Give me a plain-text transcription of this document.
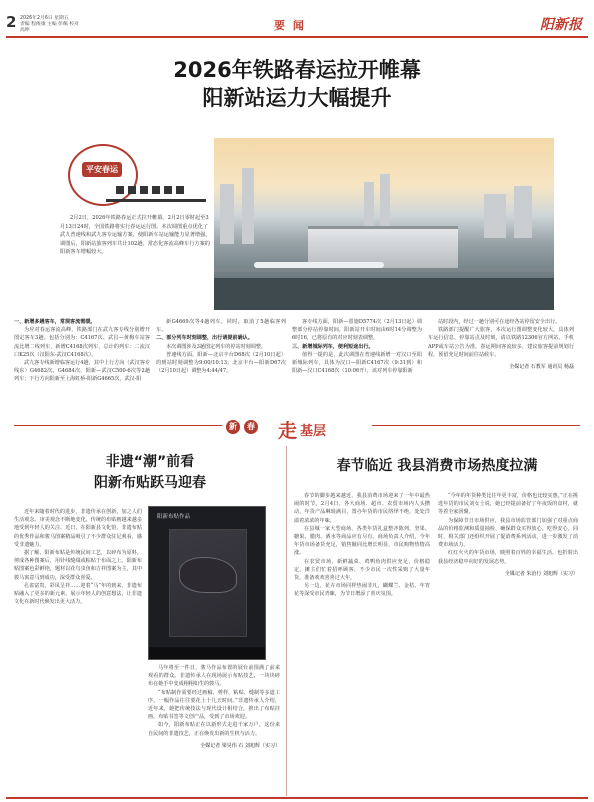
2 2026年2月6日 星期五
责编 程俊康 主编 彭佩 校对 高坤	要 闻	阳新报
2026年铁路春运拉开帷幕
阳新站运力大幅提升
平安春运
2月2日，2026年铁路春运正式拉开帷幕。2月2日零时起至3月13日24时，全国铁路将实行春运运行图。本次调图重点优化了武九普速线和武九客专运输方案，使阳新车站运输能力显著增强。
调图后，阳新站旅客列车共计102趟，常态化客流高峰车行方案的阳新客车增幅较大。

一、新增多趟客车，常规客流需缓。

为应对春运客流高峰，铁路部门在武九客专线分别增开图定客车3趟。包括分别为：C4167次、武昌—黄梅车站客流比增二线列车，新增C4168次列车，总计的列车：二流汉口K25次（汉阳东-武汉C4168次）。

武九客专线新增临客运行4趟，其中上行方向（武汉客专线东）G4682次、G4684次，阳新—武汉C500-6次等2趟列车；下行方向阳新至上海虹桥-阳新G4665次，武汉-阳

新G4669次等4趟列车，同时，取消了5趟临客列车。

二、部分列车时刻调整，出行请提前确认。

本次调图涉及3趟图定列车的停站时刻调整。

普速线方面，阳新—北京丰台D68次（2月10日起）的到站时刻调整为9:00/10:13；北京丰台—阳新D67次（2月10日起）调整为4:44/47。

客专线方面，阳新—恩施D5774次（2月13日起）调整部分停站停靠时间，阳新站开车时间由6时14分调整为6时16，已将原有的对应时刻表调整。

三、新增城际列车，便利短途出行。

值得一提的是，此次调图在普速线新增一对汉口至阳新城际列车，具体为汉口—阳新C4167次（9:31到）和阳新—汉口C4168次（10:06开），该对列车停靠阳新

站时段内，经过一趟分别可在途经各站停留安全出行。

铁路部门提醒广大旅客，本次运行图调整变化较大，具体列车运行信息、停靠站点及时刻，请以铁路12306官方网站、手机APP或车站公告为准。春运期间客流较多，建议旅客提前规划行程，预留充足时间前往站候车。

全媒记者 石教军 通讯员 杨磊

新	春 走 基层
非遗“潮”前看
阳新布贴跃马迎春

近年来随着时代的进步，非遗传承在创新，加之人们生活观念、审美观念不断地变化，传统的布贴画越来越多地受到年轻人的关注。近日，在阳新县文化馆，非遗布贴的优秀作品和骏马图案精品吸引了不少群众驻足观看，感受非遗魅力。

据了解，阳新布贴是传统民间工艺，以碎布为原料，剪成各种图案后，用针线缝缀或粘贴于布面之上。阳新布贴图案色彩鲜艳，题材以花鸟虫鱼和吉祥图案为主，其中骏马寓意马到成功，深受群众喜爱。

孔雀富贵、彩凤呈祥……迎着“马”年的到来，非遗布贴融入了更多的新元素，展示年轻人的创意想法，让非遗文化在新时代焕发出更大活力。

阳新布贴作品

马年将至一件日，骏马作品布置的展台前围满了前来观看的群众。非遗传承人在现场展示布贴技艺，一块块碎布在她手中变成栩栩如生的骏马。

“布贴制作需要经过画稿、剪样、粘贴、缝制等多道工序，一幅作品往往要花上十几天时间。”非遗传承人介绍，近年来，她把传统技法与现代设计相结合，推出了布贴挂画、布贴书签等文创产品，受到了市场欢迎。

如今，阳新布贴正在以新形式走进千家万户，这份来自民间的非遗技艺，正在焕发出新的生机与活力。

全媒记者 梁昊伟 石 刘旭辉（实习）

春节临近 我县消费市场热度拉满

春节的脚步越来越近，我县消费市场迎来了一年中最热闹的时节。2月4日，各大商场、超市、农贸市场内人头攒动，年货产品琳琅满目，置办年货的市民络绎不绝，处处洋溢着浓浓的年味。

在县城一家大型商场，各类年货礼盒整齐陈列，坚果、糖果、腊肉、酒水等商品应有尽有。商场负责人介绍，今年年货市场备货充足，销售额同比增长明显，市民购物热情高涨。

在农贸市场，新鲜蔬菜、鸡鸭鱼肉供应充足，价格稳定。摊主们忙着招呼顾客，不少市民一次性采购了大量年货，准备欢欢喜喜过大年。

另一边，花卉市场同样热闹非凡，蝴蝶兰、金桔、年宵花等深受市民青睐，为节日增添了喜庆氛围。

“今年的年货种类比往年更丰富，价格也比较实惠。”正在挑选年货的市民刘女士说，她已经提前备好了年夜饭的食材，就等着全家团聚。

为保障节日市场供应，我县市场监管部门加强了对重点商品的价格监测和质量抽检，确保群众买得放心、吃得安心。同时，相关部门还组织开展了促消费系列活动，进一步激发了消费市场活力。

红红火火的年货市场，映照着百姓的幸福生活，也折射出我县经济稳中向好的发展态势。

全媒记者 朱治行 刘旭辉（实习）
